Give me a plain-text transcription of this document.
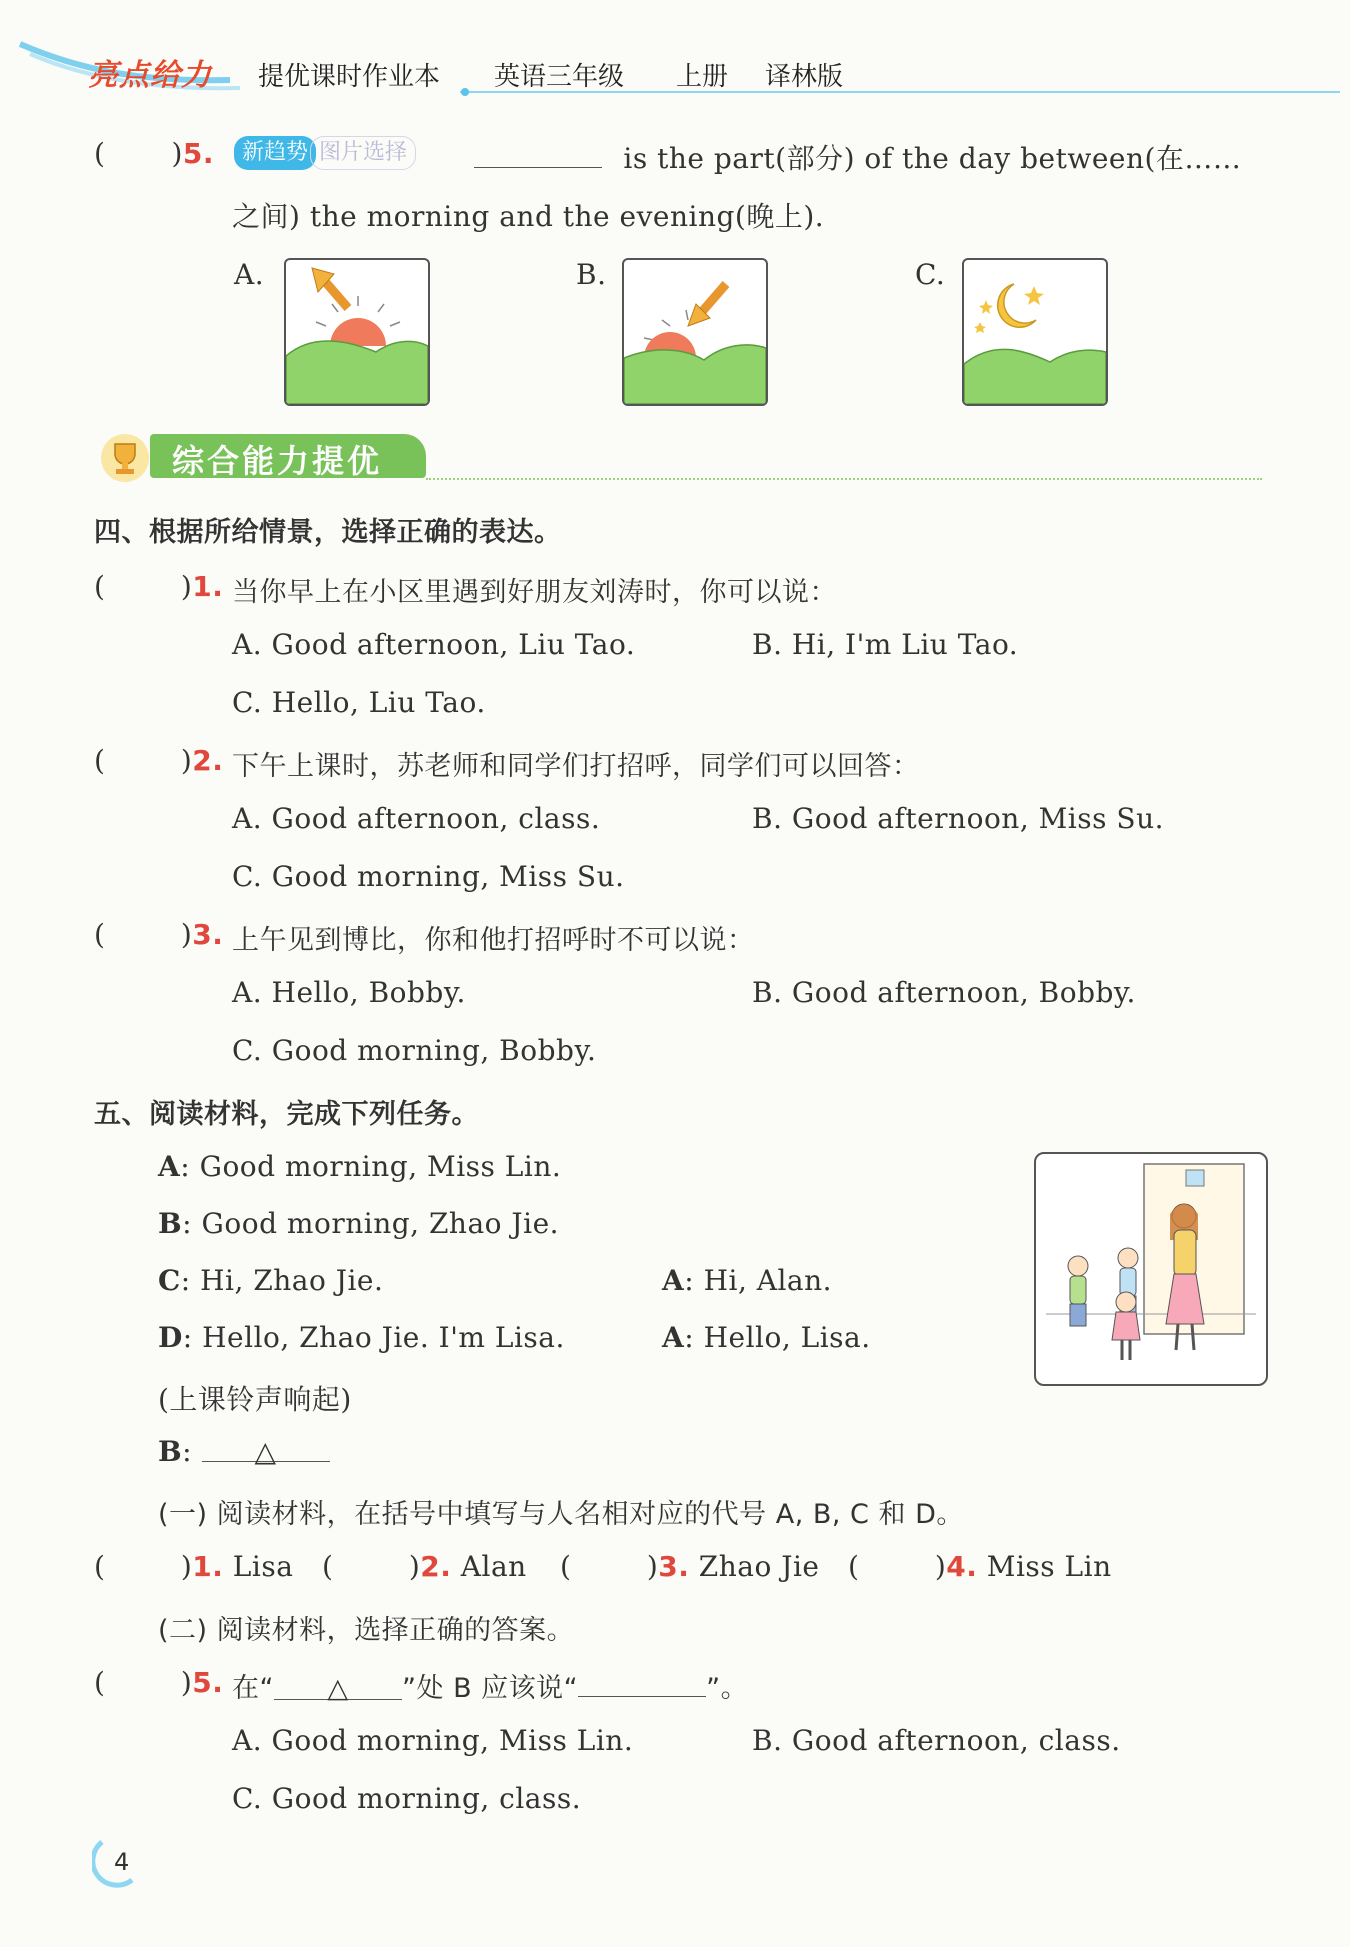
亮点给力 提优课时作业本 英语三年级 上册 译林版
( )5.	新趋势 图片选择	is the part(部分) of the day between(在……
之间) the morning and the evening(晚上).
A.	B.	C.
综合能力提优
四、根据所给情景，选择正确的表达。
( )1. 当你早上在小区里遇到好朋友刘涛时，你可以说：
A. Good afternoon, Liu Tao.	B. Hi, I'm Liu Tao.
C. Hello, Liu Tao.
( )2. 下午上课时，苏老师和同学们打招呼，同学们可以回答：
A. Good afternoon, class.	B. Good afternoon, Miss Su.
C. Good morning, Miss Su.
( )3. 上午见到博比，你和他打招呼时不可以说：
A. Hello, Bobby.	B. Good afternoon, Bobby.
C. Good morning, Bobby.
五、阅读材料，完成下列任务。
A: Good morning, Miss Lin.
B: Good morning, Zhao Jie.
C: Hi, Zhao Jie.	A: Hi, Alan.
D: Hello, Zhao Jie. I'm Lisa.	A: Hello, Lisa.
(上课铃声响起)
B: △
(一) 阅读材料，在括号中填写与人名相对应的代号 A, B, C 和 D。
( )1. Lisa ( )2. Alan ( )3. Zhao Jie ( )4. Miss Lin
(二) 阅读材料，选择正确的答案。
( )5. 在“ △ ”处 B 应该说“	”。
A. Good morning, Miss Lin.	B. Good afternoon, class.
C. Good morning, class.
4
